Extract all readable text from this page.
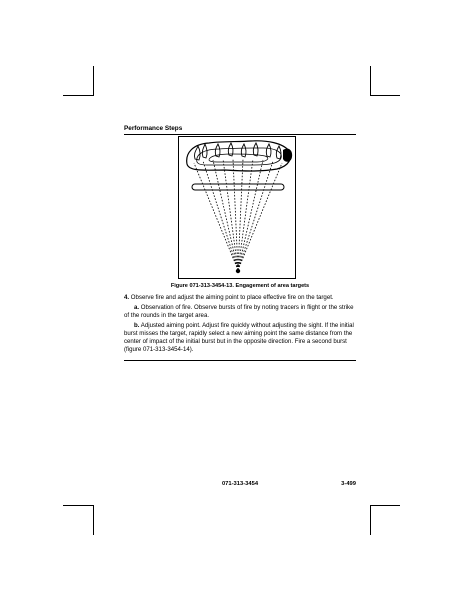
Performance Steps
Figure 071-313-3454-13. Engagement of area targets

4. Observe fire and adjust the aiming point to place effective fire on the target.

a. Observation of fire. Observe bursts of fire by noting tracers in flight or the strike of the rounds in the target area.

b. Adjusted aiming point. Adjust fire quickly without adjusting the sight. If the initial burst misses the target, rapidly select a new aiming point the same distance from the center of impact of the initial burst but in the opposite direction. Fire a second burst (figure 071-313-3454-14).

071-313-3454	3-499
